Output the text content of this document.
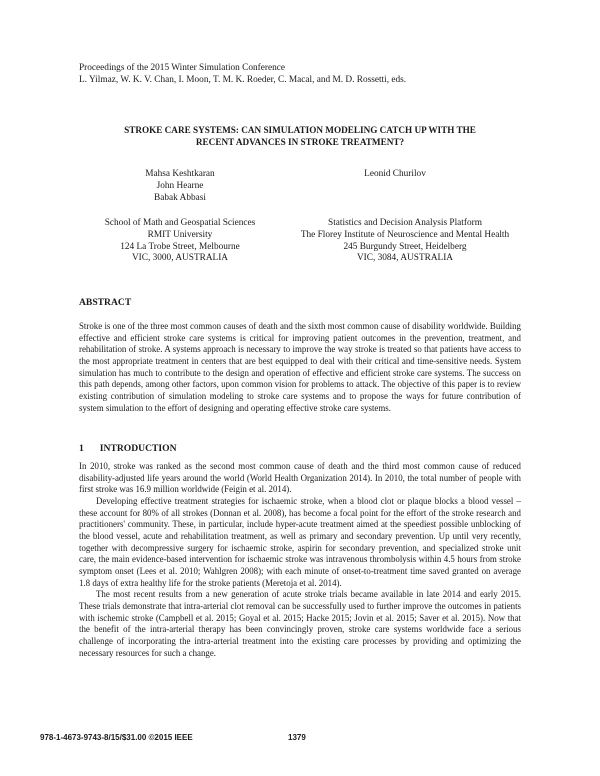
Proceedings of the 2015 Winter Simulation Conference
L. Yilmaz, W. K. V. Chan, I. Moon, T. M. K. Roeder, C. Macal, and M. D. Rossetti, eds.
STROKE CARE SYSTEMS: CAN SIMULATION MODELING CATCH UP WITH THE
RECENT ADVANCES IN STROKE TREATMENT?
Mahsa Keshtkaran
John Hearne
Babak Abbasi
Leonid Churilov
School of Math and Geospatial Sciences
RMIT University
124 La Trobe Street, Melbourne
VIC, 3000, AUSTRALIA
Statistics and Decision Analysis Platform
The Florey Institute of Neuroscience and Mental Health
245 Burgundy Street, Heidelberg
VIC, 3084, AUSTRALIA
ABSTRACT

Stroke is one of the three most common causes of death and the sixth most common cause of disability worldwide. Building effective and efficient stroke care systems is critical for improving patient outcomes in the prevention, treatment, and rehabilitation of stroke. A systems approach is necessary to improve the way stroke is treated so that patients have access to the most appropriate treatment in centers that are best equipped to deal with their critical and time-sensitive needs. System simulation has much to contribute to the design and operation of effective and efficient stroke care systems. The success on this path depends, among other factors, upon common vision for problems to attack. The objective of this paper is to review existing contribution of simulation modeling to stroke care systems and to propose the ways for future contribution of system simulation to the effort of designing and operating effective stroke care systems.

1 INTRODUCTION

In 2010, stroke was ranked as the second most common cause of death and the third most common cause of reduced disability-adjusted life years around the world (World Health Organization 2014). In 2010, the total number of people with first stroke was 16.9 million worldwide (Feigin et al. 2014).

Developing effective treatment strategies for ischaemic stroke, when a blood clot or plaque blocks a blood vessel – these account for 80% of all strokes (Donnan et al. 2008), has become a focal point for the effort of the stroke research and practitioners' community. These, in particular, include hyper-acute treatment aimed at the speediest possible unblocking of the blood vessel, acute and rehabilitation treatment, as well as primary and secondary prevention. Up until very recently, together with decompressive surgery for ischaemic stroke, aspirin for secondary prevention, and specialized stroke unit care, the main evidence-based intervention for ischaemic stroke was intravenous thrombolysis within 4.5 hours from stroke symptom onset (Lees et al. 2010; Wahlgren 2008); with each minute of onset-to-treatment time saved granted on average 1.8 days of extra healthy life for the stroke patients (Meretoja et al. 2014).

The most recent results from a new generation of acute stroke trials became available in late 2014 and early 2015. These trials demonstrate that intra-arterial clot removal can be successfully used to further improve the outcomes in patients with ischemic stroke (Campbell et al. 2015; Goyal et al. 2015; Hacke 2015; Jovin et al. 2015; Saver et al. 2015). Now that the benefit of the intra-arterial therapy has been convincingly proven, stroke care systems worldwide face a serious challenge of incorporating the intra-arterial treatment into the existing care processes by providing and optimizing the necessary resources for such a change.

978-1-4673-9743-8/15/$31.00 ©2015 IEEE	1379
